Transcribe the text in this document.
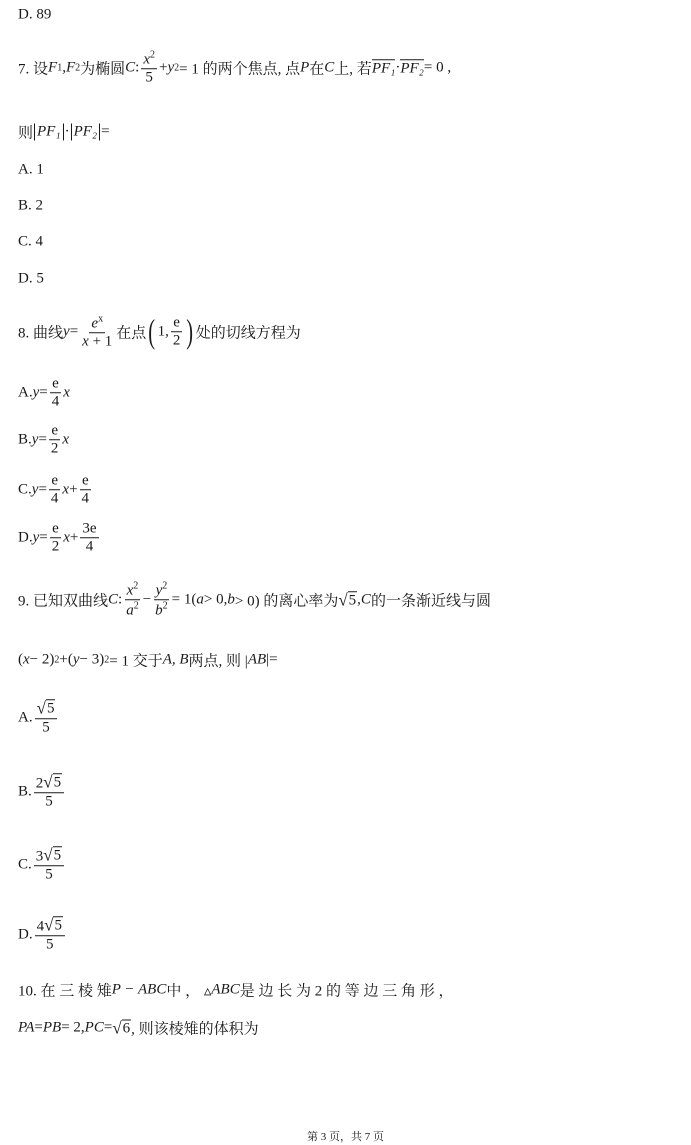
D. 89
7. 设 F 1 ,F 2 为椭圆 C : $\frac{x^2}{5} + y$ 2 = 1 的两个焦点, 点 P 在 C 上, 若 PF₁ · PF₂ = 0 ,
则 PF₁ · PF₂ =
A. 1
B. 2
C. 4
D. 5
8. 曲线 $y = \frac{e^x}{x + 1}$ 在点 ( 1, $\frac{e}{2}$ ) 处的切线方程为
A. $y = \frac{e}{4}$ x
B. $y = \frac{e}{2}$ x
C. $y = \frac{e}{4}$ $x + \frac{e}{4}$
D. $y = \frac{e}{2}$ $x + \frac{3e}{4}$
9. 已知双曲线 C : $\frac{x^2}{a^2} - \frac{y^2}{b^2} = 1$( a > 0, b > 0) 的离心率为 √ 5 , C 的一条渐近线与圆
( x − 2) 2 +( y − 3) 2 = 1 交于 A, B 两点, 则 | AB |=
A. $\frac{√ 5}{5}$
B. $\frac{2 √ 5}{5}$
C. $\frac{3 √ 5}{5}$
D. $\frac{4 √ 5}{5}$
10. 在 三 棱 雉 P − ABC 中 ， ▵ ABC 是 边 长 为 2 的 等 边 三 角 形 ，
PA = PB = 2, PC = √ 6 , 则该棱雉的体积为
第 3 页，共 7 页
